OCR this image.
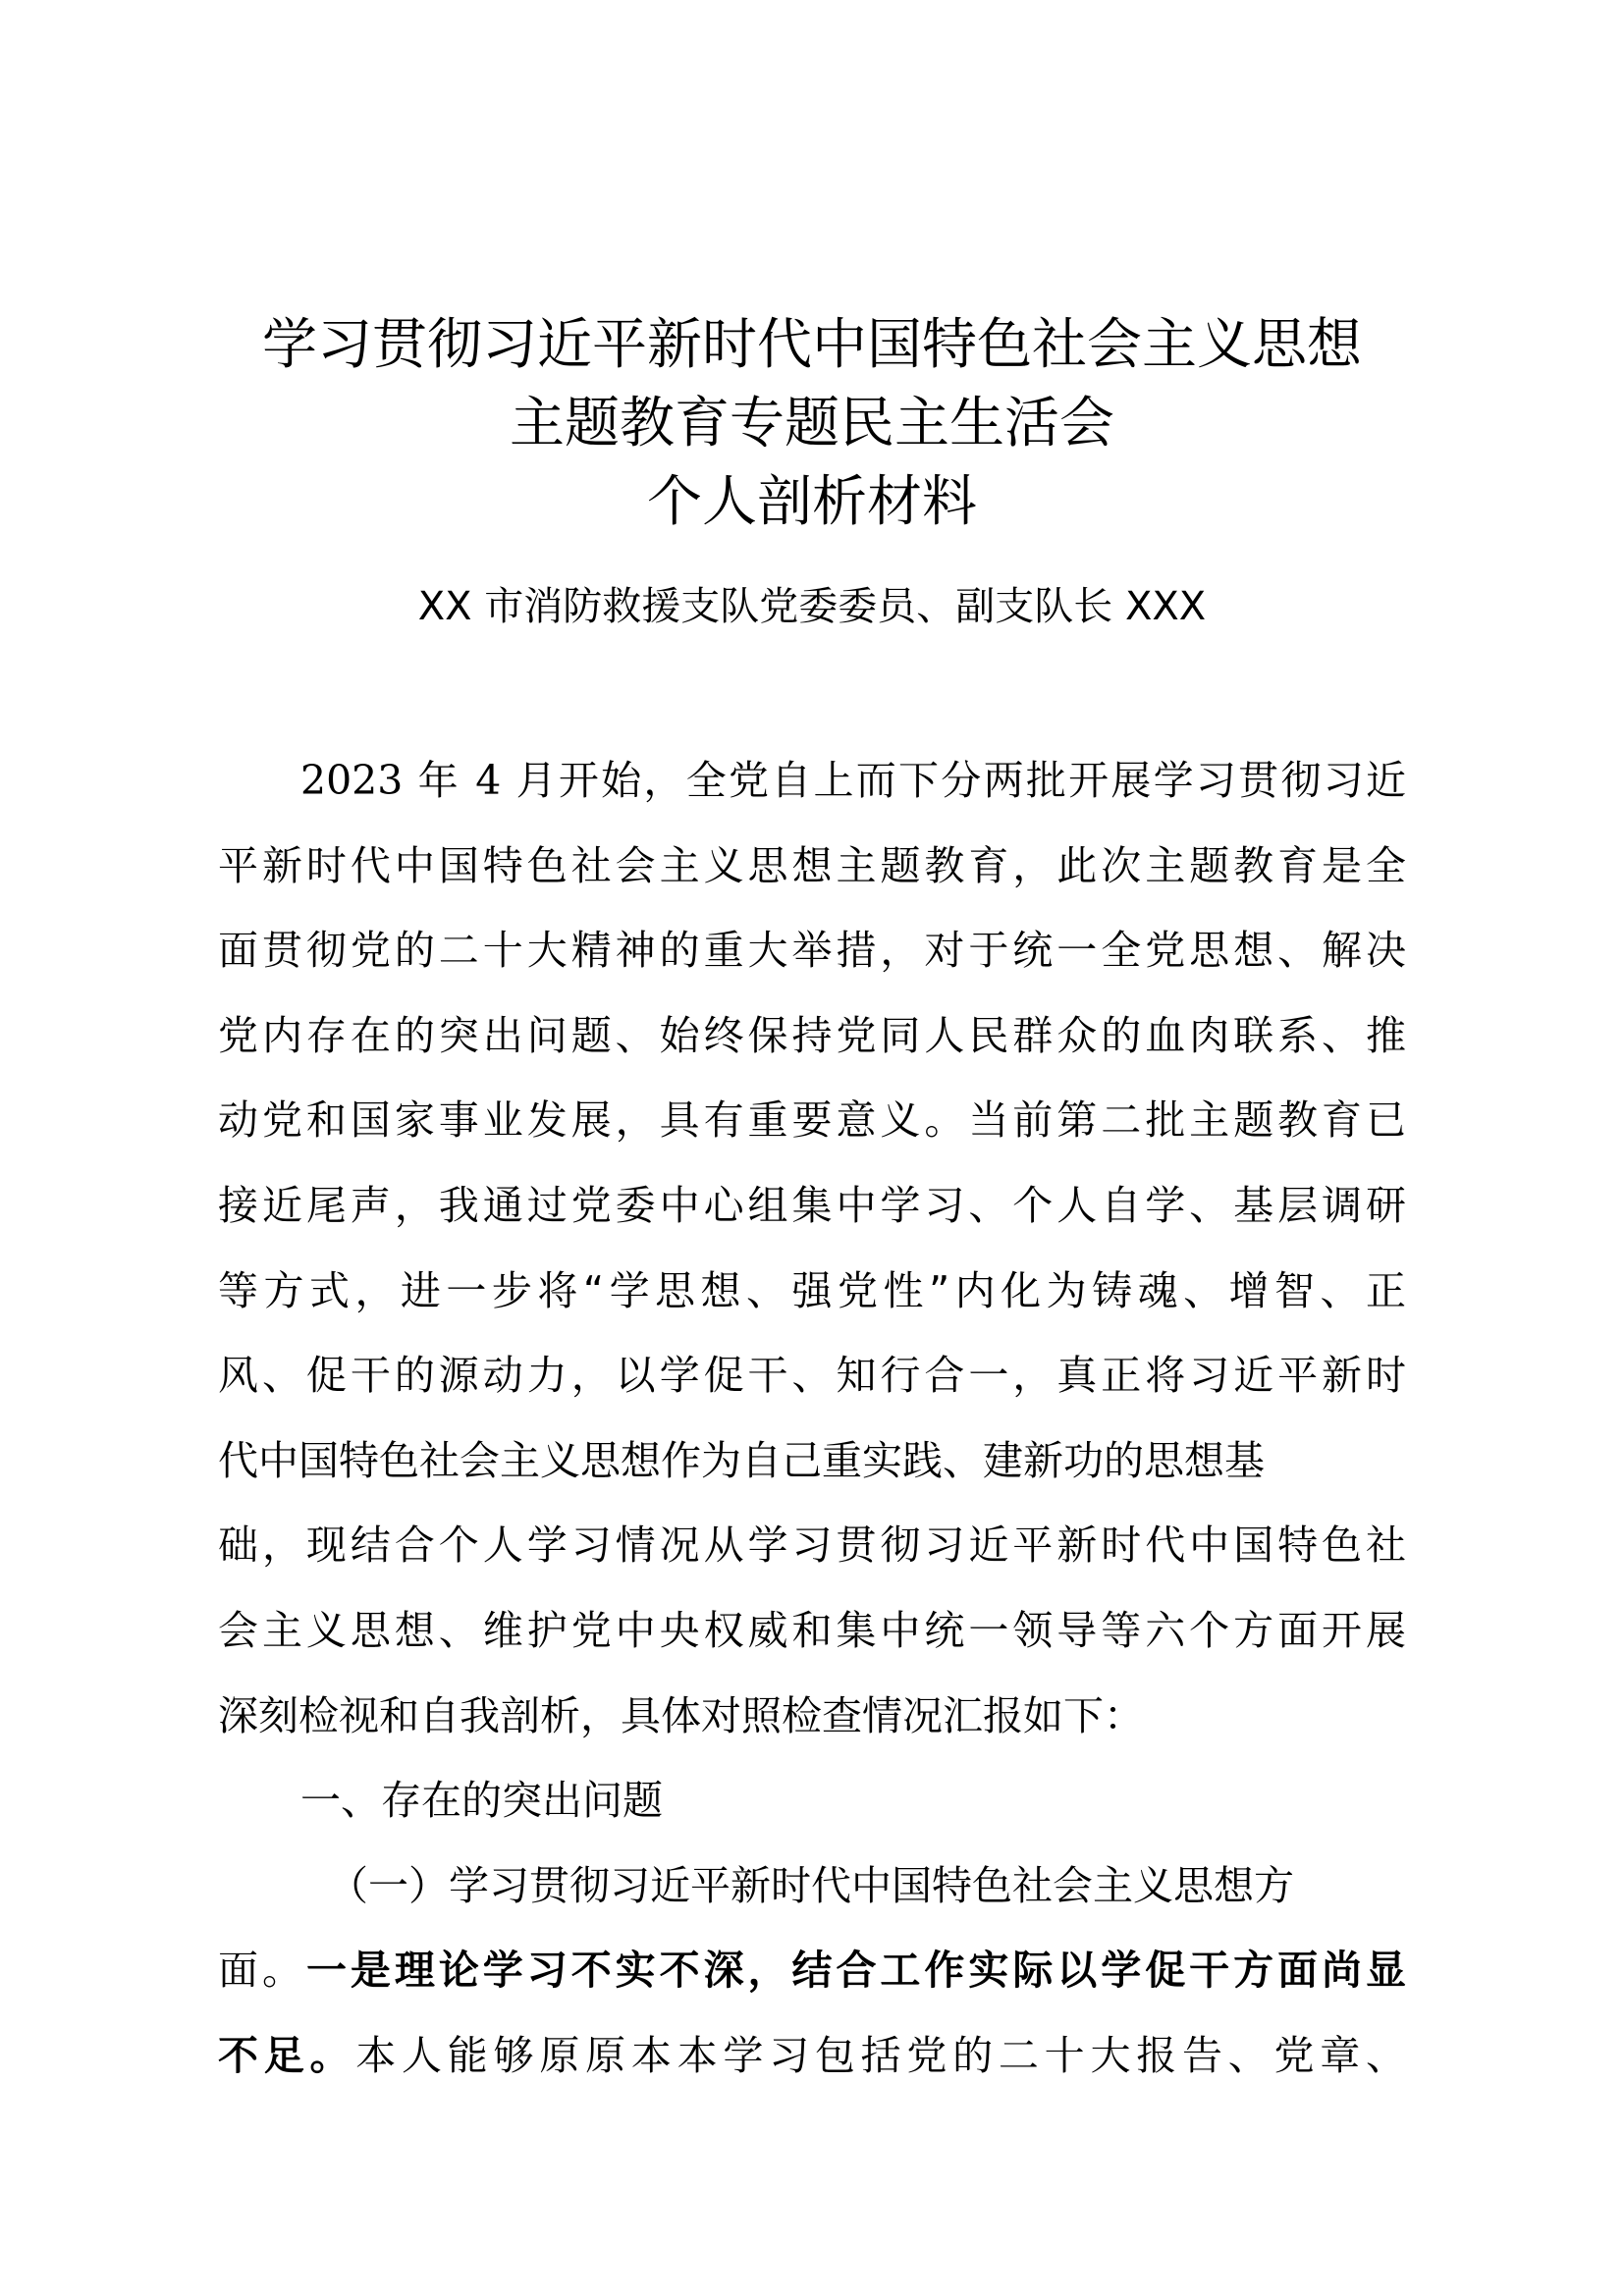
学习贯彻习近平新时代中国特色社会主义思想
主题教育专题民主生活会
个人剖析材料
XX 市消防救援支队党委委员、副支队长 XXX
2023 年 4 月开始，全党自上而下分两批开展学习贯彻习近
平新时代中国特色社会主义思想主题教育，此次主题教育是全
面贯彻党的二十大精神的重大举措，对于统一全党思想、解决
党内存在的突出问题、始终保持党同人民群众的血肉联系、推
动党和国家事业发展，具有重要意义。当前第二批主题教育已
接近尾声，我通过党委中心组集中学习、个人自学、基层调研
等方式，进一步将“学思想、强党性”内化为铸魂、增智、正
风、促干的源动力，以学促干、知行合一，真正将习近平新时
代中国特色社会主义思想作为自己重实践、建新功的思想基
础，现结合个人学习情况从学习贯彻习近平新时代中国特色社
会主义思想、维护党中央权威和集中统一领导等六个方面开展
深刻检视和自我剖析，具体对照检查情况汇报如下：
一、存在的突出问题
（一）学习贯彻习近平新时代中国特色社会主义思想方
面。一是理论学习不实不深，结合工作实际以学促干方面尚显
不足。本人能够原原本本学习包括党的二十大报告、党章、
